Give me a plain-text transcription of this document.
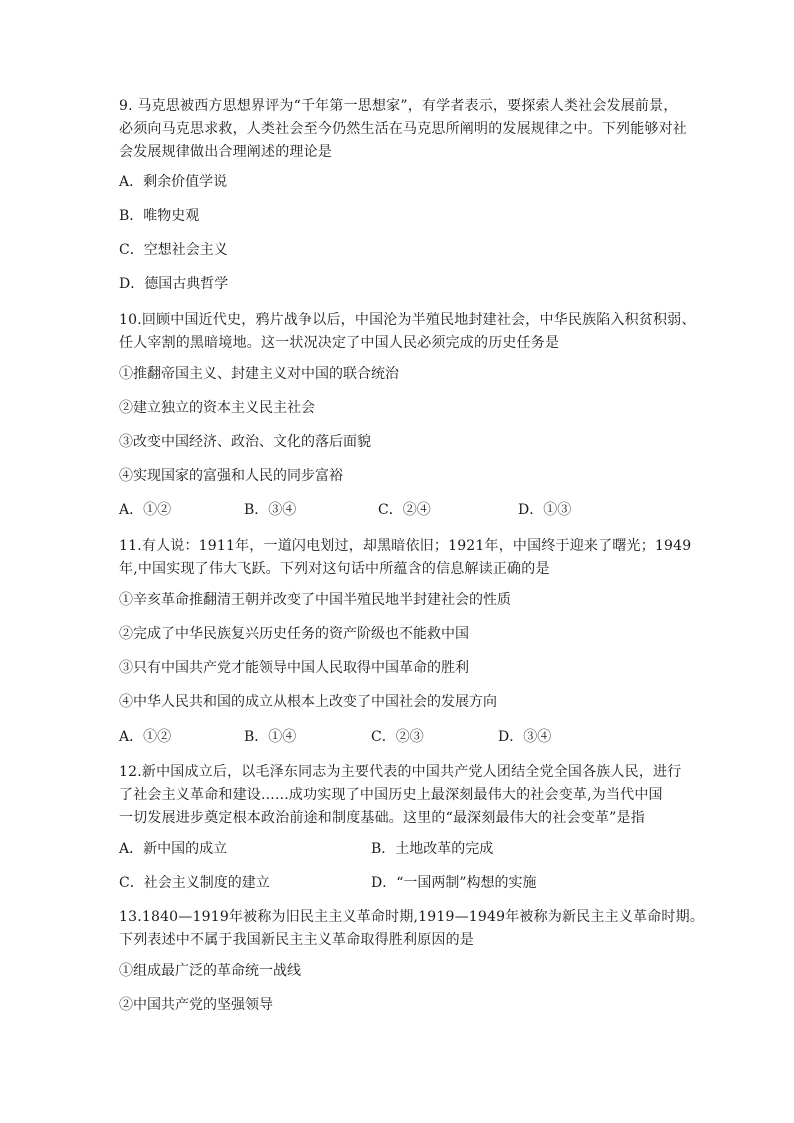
9. 马克思被西方思想界评为“千年第一思想家”，有学者表示，要探索人类社会发展前景，
必须向马克思求救，人类社会至今仍然生活在马克思所阐明的发展规律之中。下列能够对社
会发展规律做出合理阐述的理论是
A．剩余价值学说
B．唯物史观
C．空想社会主义
D．德国古典哲学
10.回顾中国近代史，鸦片战争以后，中国沦为半殖民地封建社会，中华民族陷入积贫积弱、
任人宰割的黑暗境地。这一状况决定了中国人民必须完成的历史任务是
①推翻帝国主义、封建主义对中国的联合统治
②建立独立的资本主义民主社会
③改变中国经济、政治、文化的落后面貌
④实现国家的富强和人民的同步富裕
A．①②	B．③④	C．②④	D．①③
11.有人说：1911年，一道闪电划过，却黑暗依旧；1921年，中国终于迎来了曙光；1949
年,中国实现了伟大飞跃。下列对这句话中所蕴含的信息解读正确的是
①辛亥革命推翻清王朝并改变了中国半殖民地半封建社会的性质
②完成了中华民族复兴历史任务的资产阶级也不能救中国
③只有中国共产党才能领导中国人民取得中国革命的胜利
④中华人民共和国的成立从根本上改变了中国社会的发展方向
A．①②	B．①④	C．②③	D．③④
12.新中国成立后，以毛泽东同志为主要代表的中国共产党人团结全党全国各族人民，进行
了社会主义革命和建设......成功实现了中国历史上最深刻最伟大的社会变革,为当代中国
一切发展进步奠定根本政治前途和制度基础。这里的“最深刻最伟大的社会变革”是指
A．新中国的成立	B．土地改革的完成
C．社会主义制度的建立	D．“一国两制”构想的实施
13.1840—1919年被称为旧民主主义革命时期,1919—1949年被称为新民主主义革命时期。
下列表述中不属于我国新民主主义革命取得胜利原因的是
①组成最广泛的革命统一战线
②中国共产党的坚强领导
